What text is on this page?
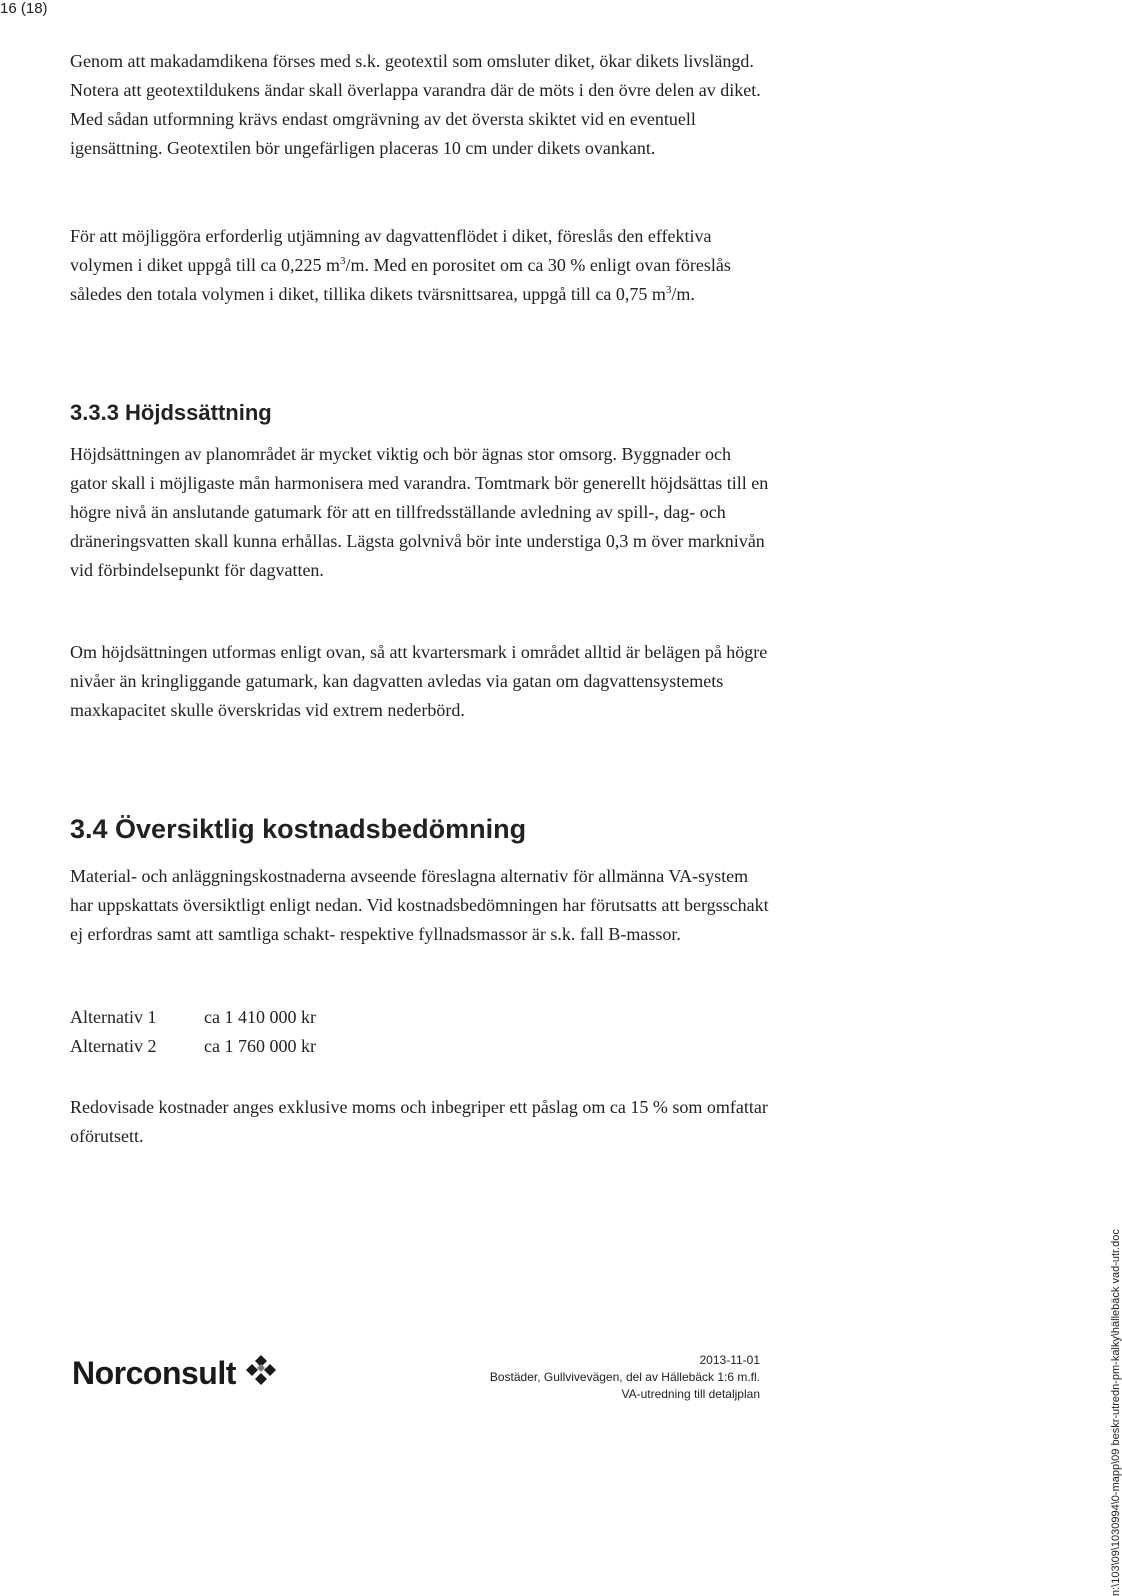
16 (18)

Genom att makadamdikena förses med s.k. geotextil som omsluter diket, ökar dikets livslängd. Notera att geotextildukens ändar skall överlappa varandra där de möts i den övre delen av diket. Med sådan utformning krävs endast omgrävning av det översta skiktet vid en eventuell igensättning. Geotextilen bör ungefärligen placeras 10 cm under dikets ovankant.

För att möjliggöra erforderlig utjämning av dagvattenflödet i diket, föreslås den effektiva volymen i diket uppgå till ca 0,225 $m^3/m$. Med en porositet om ca 30 % enligt ovan föreslås således den totala volymen i diket, tillika dikets tvärsnittsarea, uppgå till ca 0,75 $m^3/m$.

3.3.3 Höjdssättning

Höjdsättningen av planområdet är mycket viktig och bör ägnas stor omsorg. Byggnader och gator skall i möjligaste mån harmonisera med varandra. Tomtmark bör generellt höjdsättas till en högre nivå än anslutande gatumark för att en tillfredsställande avledning av spill-, dag- och dräneringsvatten skall kunna erhållas. Lägsta golvnivå bör inte understiga 0,3 m över marknivån vid förbindelsepunkt för dagvatten.

Om höjdsättningen utformas enligt ovan, så att kvartersmark i området alltid är belägen på högre nivåer än kringliggande gatumark, kan dagvatten avledas via gatan om dagvattensystemets maxkapacitet skulle överskridas vid extrem nederbörd.

3.4 Översiktlig kostnadsbedömning

Material- och anläggningskostnaderna avseende föreslagna alternativ för allmänna VA-system har uppskattats översiktligt enligt nedan. Vid kostnadsbedömningen har förutsatts att bergsschakt ej erfordras samt att samtliga schakt- respektive fyllnadsmassor är s.k. fall B-massor.

Alternativ 1	ca 1 410 000 kr
Alternativ 2	ca 1 760 000 kr

Redovisade kostnader anges exklusive moms och inbegriper ett påslag om ca 15 % som omfattar oförutsett.

n:\103\09\1030994\0-mapp\09 beskr-utredn-pm-kalky\hällebäck vad-utr.doc
Norconsult	2013-11-01
Bostäder, Gullvivevägen, del av Hällebäck 1:6 m.fl.
VA-utredning till detaljplan
